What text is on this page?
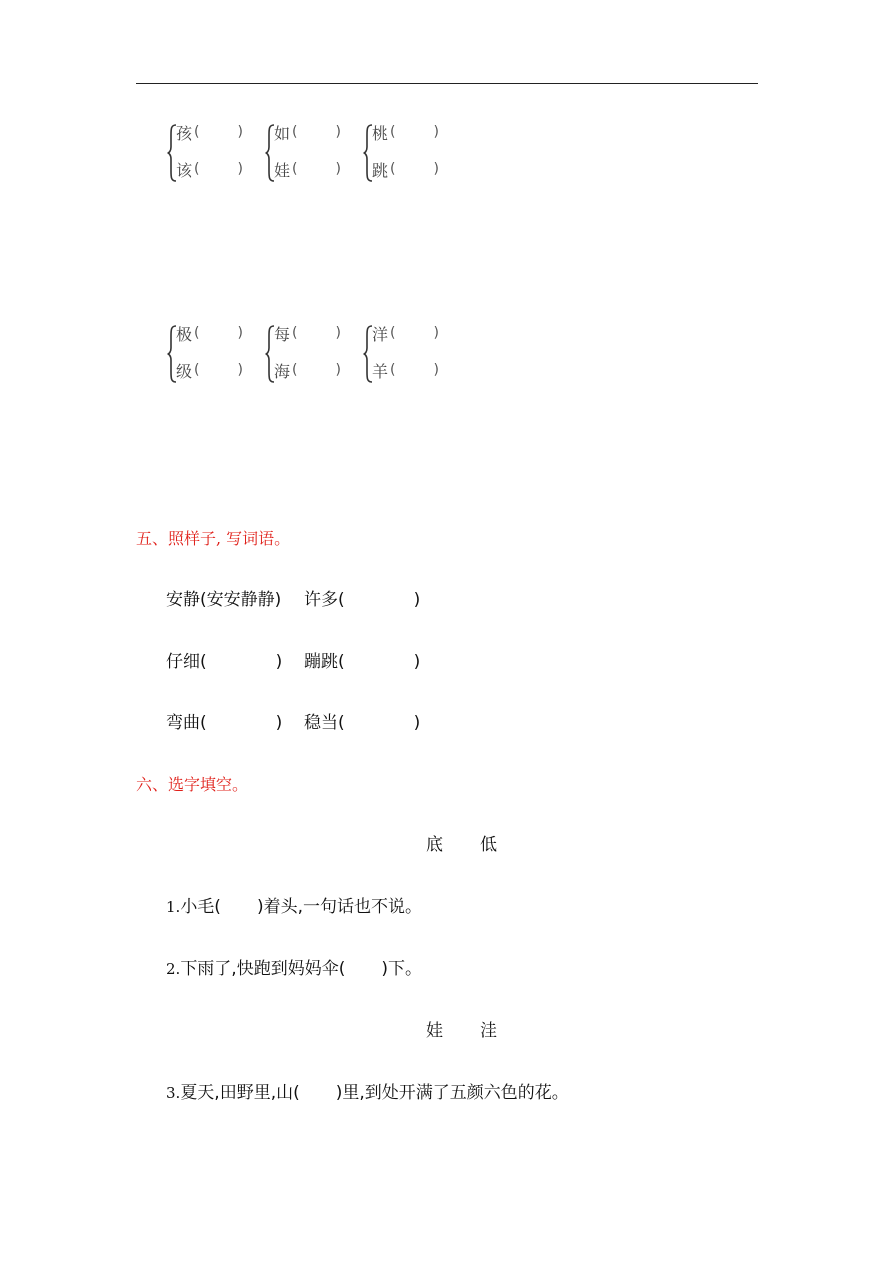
孩 (	)
该 (	)
如 (	)
娃 (	)
桃 (	)
跳 (	)
极 (	)
级 (	)
每 (	)
海 (	)
洋 (	)
羊 (	)
五、照样子, 写词语。
安静(安安静静) 许多(	)
仔细(	) 蹦跳(	)
弯曲(	) 稳当(	)
六、选字填空。
底 低
1.小毛( )着头,一句话也不说。
2.下雨了,快跑到妈妈伞( )下。
娃 洼
3.夏天,田野里,山( )里,到处开满了五颜六色的花。
